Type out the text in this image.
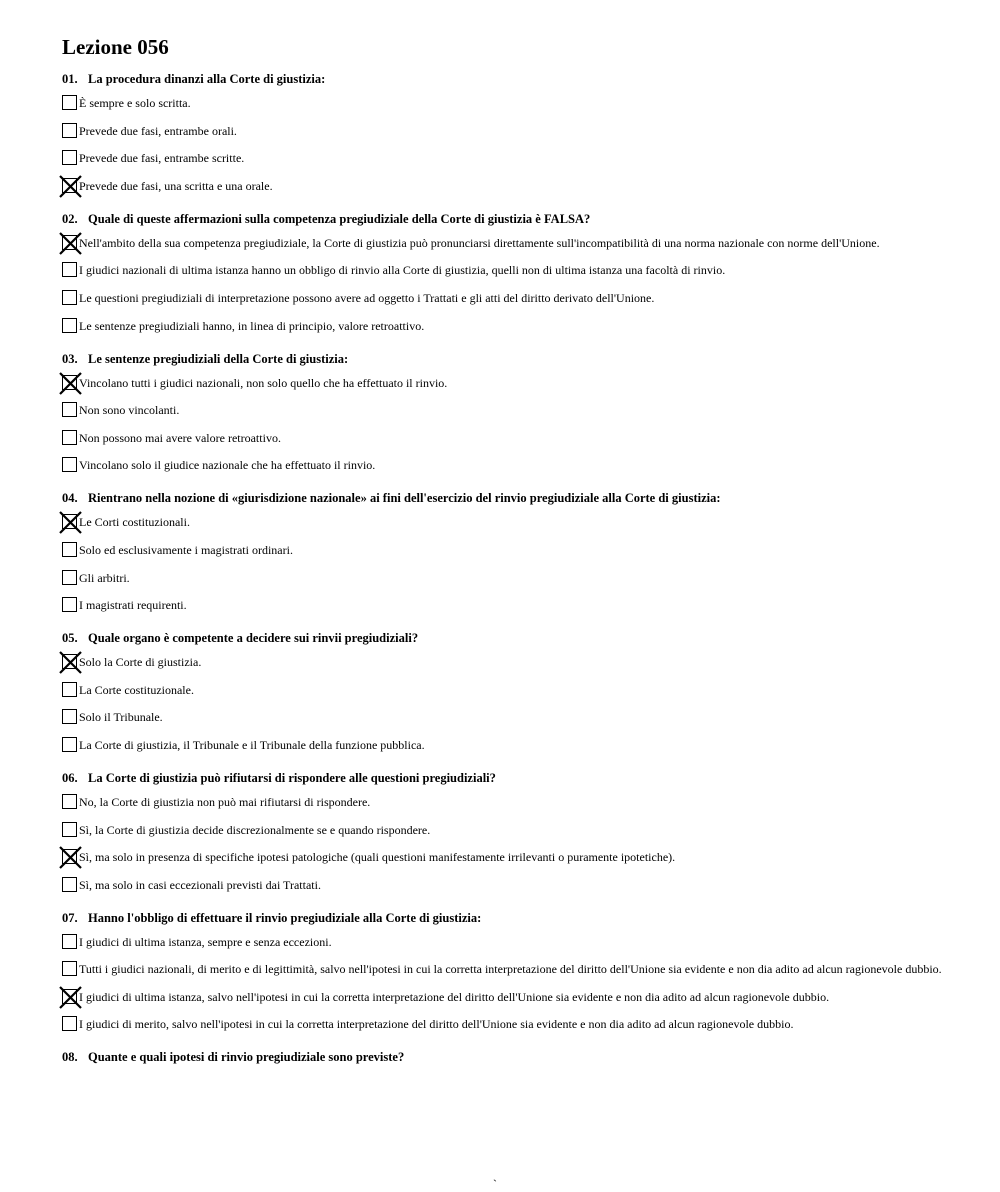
Lezione 056
01. La procedura dinanzi alla Corte di giustizia:
È sempre e solo scritta.
Prevede due fasi, entrambe orali.
Prevede due fasi, entrambe scritte.
Prevede due fasi, una scritta e una orale.
02. Quale di queste affermazioni sulla competenza pregiudiziale della Corte di giustizia è FALSA?
Nell'ambito della sua competenza pregiudiziale, la Corte di giustizia può pronunciarsi direttamente sull'incompatibilità di una norma nazionale con norme dell'Unione.
I giudici nazionali di ultima istanza hanno un obbligo di rinvio alla Corte di giustizia, quelli non di ultima istanza una facoltà di rinvio.
Le questioni pregiudiziali di interpretazione possono avere ad oggetto i Trattati e gli atti del diritto derivato dell'Unione.
Le sentenze pregiudiziali hanno, in linea di principio, valore retroattivo.
03. Le sentenze pregiudiziali della Corte di giustizia:
Vincolano tutti i giudici nazionali, non solo quello che ha effettuato il rinvio.
Non sono vincolanti.
Non possono mai avere valore retroattivo.
Vincolano solo il giudice nazionale che ha effettuato il rinvio.
04. Rientrano nella nozione di «giurisdizione nazionale» ai fini dell'esercizio del rinvio pregiudiziale alla Corte di giustizia:
Le Corti costituzionali.
Solo ed esclusivamente i magistrati ordinari.
Gli arbitri.
I magistrati requirenti.
05. Quale organo è competente a decidere sui rinvii pregiudiziali?
Solo la Corte di giustizia.
La Corte costituzionale.
Solo il Tribunale.
La Corte di giustizia, il Tribunale e il Tribunale della funzione pubblica.
06. La Corte di giustizia può rifiutarsi di rispondere alle questioni pregiudiziali?
No, la Corte di giustizia non può mai rifiutarsi di rispondere.
Sì, la Corte di giustizia decide discrezionalmente se e quando rispondere.
Sì, ma solo in presenza di specifiche ipotesi patologiche (quali questioni manifestamente irrilevanti o puramente ipotetiche).
Sì, ma solo in casi eccezionali previsti dai Trattati.
07. Hanno l'obbligo di effettuare il rinvio pregiudiziale alla Corte di giustizia:
I giudici di ultima istanza, sempre e senza eccezioni.
Tutti i giudici nazionali, di merito e di legittimità, salvo nell'ipotesi in cui la corretta interpretazione del diritto dell'Unione sia evidente e non dia adito ad alcun ragionevole dubbio.
I giudici di ultima istanza, salvo nell'ipotesi in cui la corretta interpretazione del diritto dell'Unione sia evidente e non dia adito ad alcun ragionevole dubbio.
I giudici di merito, salvo nell'ipotesi in cui la corretta interpretazione del diritto dell'Unione sia evidente e non dia adito ad alcun ragionevole dubbio.
08. Quante e quali ipotesi di rinvio pregiudiziale sono previste?
`
